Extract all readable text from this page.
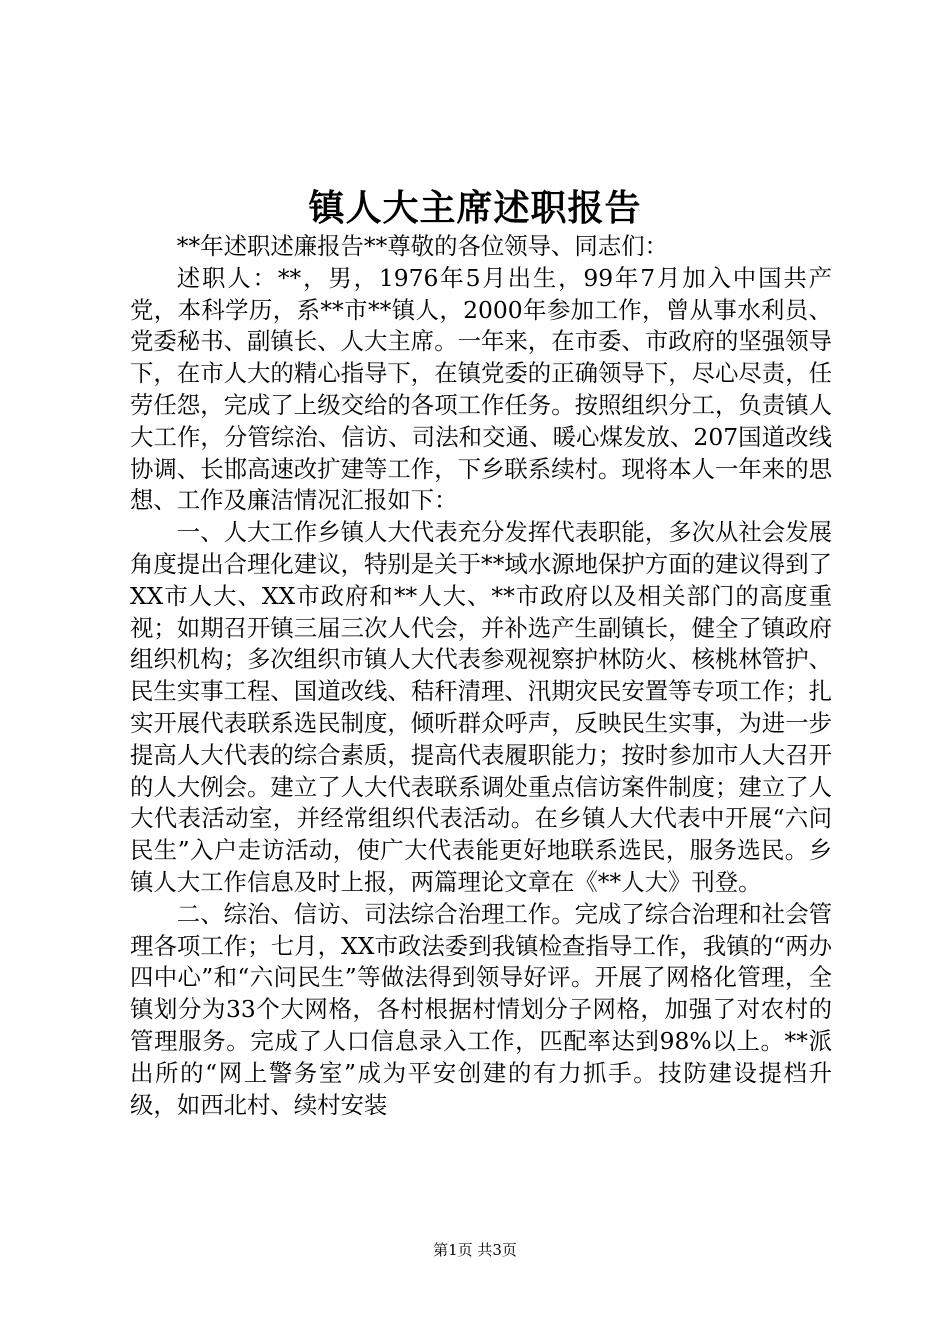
镇人大主席述职报告

**年述职述廉报告**尊敬的各位领导、同志们：

述职人：**，男，1976年5月出生，99年7月加入中国共产党，本科学历，系**市**镇人，2000年参加工作，曾从事水利员、党委秘书、副镇长、人大主席。一年来，在市委、市政府的坚强领导下，在市人大的精心指导下，在镇党委的正确领导下，尽心尽责，任劳任怨，完成了上级交给的各项工作任务。按照组织分工，负责镇人大工作，分管综治、信访、司法和交通、暖心煤发放、207国道改线协调、长邯高速改扩建等工作，下乡联系续村。现将本人一年来的思想、工作及廉洁情况汇报如下：

一、人大工作乡镇人大代表充分发挥代表职能，多次从社会发展角度提出合理化建议，特别是关于**域水源地保护方面的建议得到了XX市人大、XX市政府和**人大、**市政府以及相关部门的高度重视；如期召开镇三届三次人代会，并补选产生副镇长，健全了镇政府组织机构；多次组织市镇人大代表参观视察护林防火、核桃林管护、民生实事工程、国道改线、秸秆清理、汛期灾民安置等专项工作；扎实开展代表联系选民制度，倾听群众呼声，反映民生实事，为进一步提高人大代表的综合素质，提高代表履职能力；按时参加市人大召开的人大例会。建立了人大代表联系调处重点信访案件制度；建立了人大代表活动室，并经常组织代表活动。在乡镇人大代表中开展“六问民生”入户走访活动，使广大代表能更好地联系选民，服务选民。乡镇人大工作信息及时上报，两篇理论文章在《**人大》刊登。

二、综治、信访、司法综合治理工作。完成了综合治理和社会管理各项工作；七月，XX市政法委到我镇检查指导工作，我镇的“两办四中心”和“六问民生”等做法得到领导好评。开展了网格化管理，全镇划分为33个大网格，各村根据村情划分子网格，加强了对农村的管理服务。完成了人口信息录入工作，匹配率达到98%以上。**派出所的“网上警务室”成为平安创建的有力抓手。技防建设提档升级，如西北村、续村安装

第1页 共3页
